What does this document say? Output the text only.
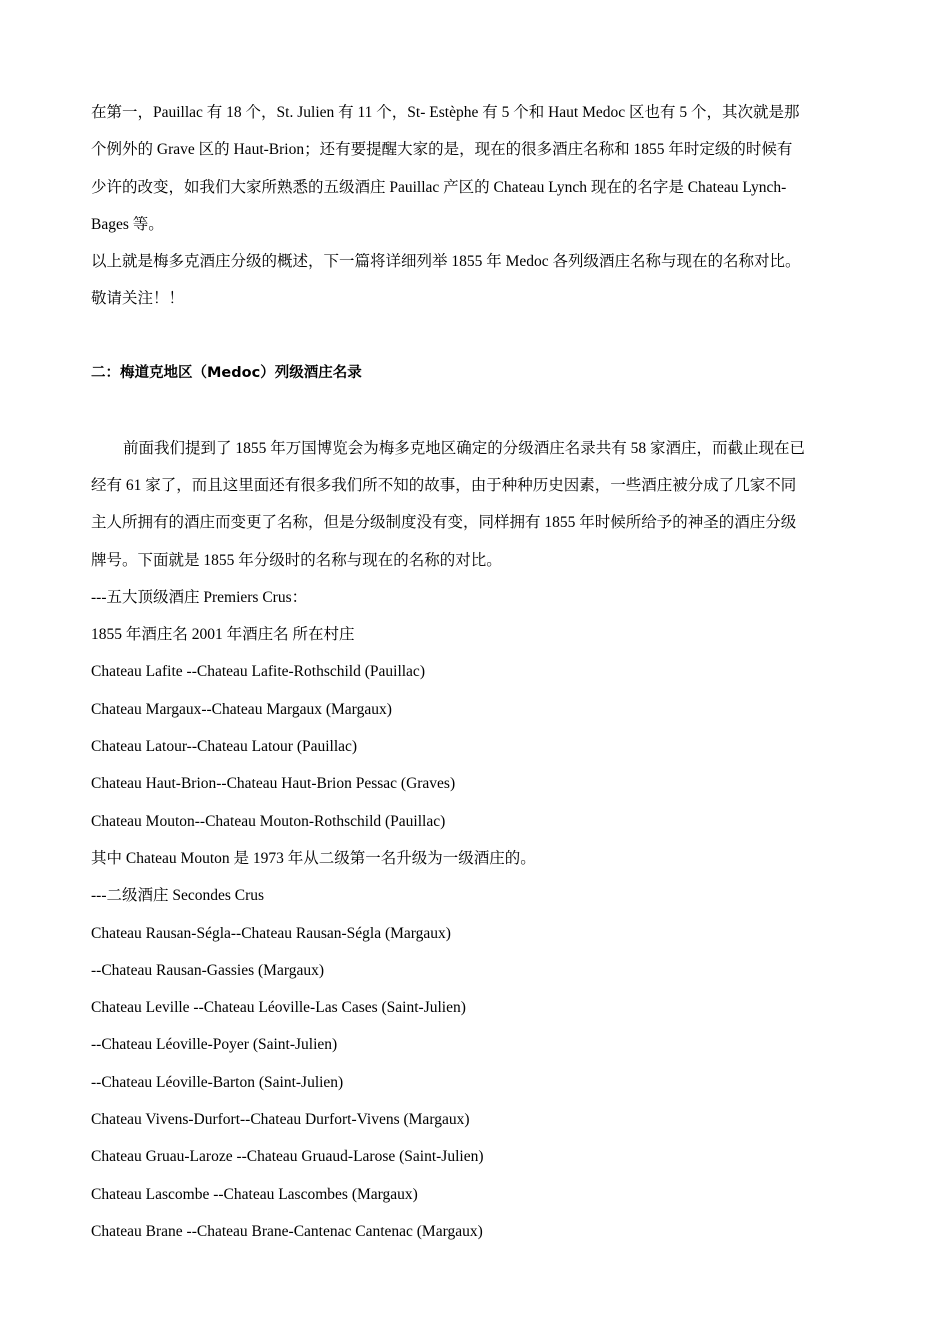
在第一，Pauillac 有 18 个，St. Julien 有 11 个，St- Estèphe 有 5 个和 Haut Medoc 区也有 5 个，其次就是那
个例外的 Grave 区的 Haut-Brion；还有要提醒大家的是，现在的很多酒庄名称和 1855 年时定级的时候有
少许的改变，如我们大家所熟悉的五级酒庄 Pauillac 产区的 Chateau Lynch 现在的名字是 Chateau Lynch-
Bages 等。
以上就是梅多克酒庄分级的概述，下一篇将详细列举 1855 年 Medoc 各列级酒庄名称与现在的名称对比。
敬请关注！！
二：梅道克地区（Medoc）列级酒庄名录
前面我们提到了 1855 年万国博览会为梅多克地区确定的分级酒庄名录共有 58 家酒庄，而截止现在已
经有 61 家了，而且这里面还有很多我们所不知的故事，由于种种历史因素，一些酒庄被分成了几家不同
主人所拥有的酒庄而变更了名称，但是分级制度没有变，同样拥有 1855 年时候所给予的神圣的酒庄分级
牌号。下面就是 1855 年分级时的名称与现在的名称的对比。
---五大顶级酒庄 Premiers Crus：
1855 年酒庄名 2001 年酒庄名 所在村庄
Chateau Lafite --Chateau Lafite-Rothschild (Pauillac)
Chateau Margaux--Chateau Margaux (Margaux)
Chateau Latour--Chateau Latour (Pauillac)
Chateau Haut-Brion--Chateau Haut-Brion Pessac (Graves)
Chateau Mouton--Chateau Mouton-Rothschild (Pauillac)
其中 Chateau Mouton 是 1973 年从二级第一名升级为一级酒庄的。
---二级酒庄 Secondes Crus
Chateau Rausan-Ségla--Chateau Rausan-Ségla (Margaux)
--Chateau Rausan-Gassies (Margaux)
Chateau Leville --Chateau Léoville-Las Cases (Saint-Julien)
--Chateau Léoville-Poyer (Saint-Julien)
--Chateau Léoville-Barton (Saint-Julien)
Chateau Vivens-Durfort--Chateau Durfort-Vivens (Margaux)
Chateau Gruau-Laroze --Chateau Gruaud-Larose (Saint-Julien)
Chateau Lascombe --Chateau Lascombes (Margaux)
Chateau Brane --Chateau Brane-Cantenac Cantenac (Margaux)
